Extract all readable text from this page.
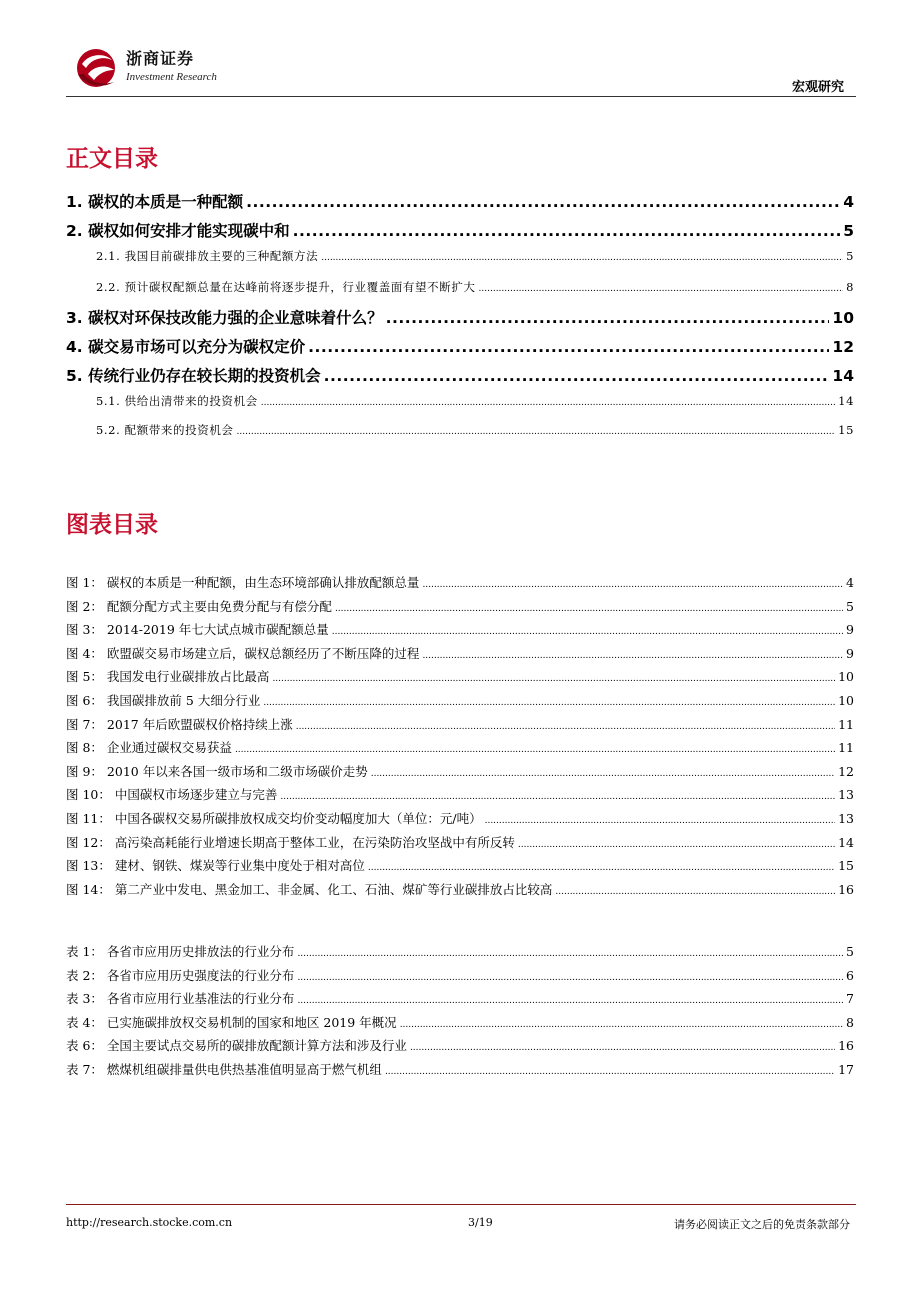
浙商证券
Investment Research
宏观研究
正文目录
1. 碳权的本质是一种配额 .....	4
2. 碳权如何安排才能实现碳中和 .....	5
2.1. 我国目前碳排放主要的三种配额方法 .....	5
2.2. 预计碳权配额总量在达峰前将逐步提升，行业覆盖面有望不断扩大 .....	8
3. 碳权对环保技改能力强的企业意味着什么？ .....	10
4. 碳交易市场可以充分为碳权定价 .....	12
5. 传统行业仍存在较长期的投资机会 .....	14
5.1. 供给出清带来的投资机会 .....	14
5.2. 配额带来的投资机会 .....	15
图表目录
图 1： 碳权的本质是一种配额，由生态环境部确认排放配额总量 .....	4
图 2： 配额分配方式主要由免费分配与有偿分配 .....	5
图 3： 2014-2019 年七大试点城市碳配额总量 .....	9
图 4： 欧盟碳交易市场建立后，碳权总额经历了不断压降的过程 .....	9
图 5： 我国发电行业碳排放占比最高 .....	10
图 6： 我国碳排放前 5 大细分行业 .....	10
图 7： 2017 年后欧盟碳权价格持续上涨 .....	11
图 8： 企业通过碳权交易获益 .....	11
图 9： 2010 年以来各国一级市场和二级市场碳价走势 .....	12
图 10： 中国碳权市场逐步建立与完善 .....	13
图 11： 中国各碳权交易所碳排放权成交均价变动幅度加大（单位：元/吨） .....	13
图 12： 高污染高耗能行业增速长期高于整体工业，在污染防治攻坚战中有所反转 .....	14
图 13： 建材、钢铁、煤炭等行业集中度处于相对高位 .....	15
图 14： 第二产业中发电、黑金加工、非金属、化工、石油、煤矿等行业碳排放占比较高 .....	16
表 1： 各省市应用历史排放法的行业分布 .....	5
表 2： 各省市应用历史强度法的行业分布 .....	6
表 3： 各省市应用行业基准法的行业分布 .....	7
表 4： 已实施碳排放权交易机制的国家和地区 2019 年概况 .....	8
表 6： 全国主要试点交易所的碳排放配额计算方法和涉及行业 .....	16
表 7： 燃煤机组碳排量供电供热基准值明显高于燃气机组 .....	17
http://research.stocke.com.cn	3/19	请务必阅读正文之后的免责条款部分
